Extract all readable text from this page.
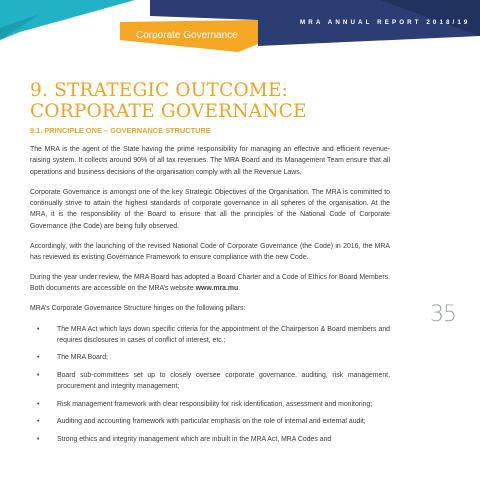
MRA ANNUAL REPORT 2018/19
Corporate Governance
9. STRATEGIC OUTCOME:
CORPORATE GOVERNANCE
9.1. PRINCIPLE ONE – GOVERNANCE STRUCTURE

The MRA is the agent of the State having the prime responsibility for managing an effective and efficient revenue-raising system. It collects around 90% of all tax revenues. The MRA Board and its Management Team ensure that all operations and business decisions of the organisation comply with all the Revenue Laws.

Corporate Governance is amongst one of the key Strategic Objectives of the Organisation. The MRA is committed to continually strive to attain the highest standards of corporate governance in all spheres of the organisation. At the MRA, it is the responsibility of the Board to ensure that all the principles of the National Code of Corporate Governance (the Code) are being fully observed.

Accordingly, with the launching of the revised National Code of Corporate Governance (the Code) in 2016, the MRA has reviewed its existing Governance Framework to ensure compliance with the new Code.

During the year under review, the MRA Board has adopted a Board Charter and a Code of Ethics for Board Members. Both documents are accessible on the MRA’s website www.mra.mu.

MRA’s Corporate Governance Structure hinges on the following pillars:

•	The MRA Act which lays down specific criteria for the appointment of the Chairperson & Board members and requires disclosures in cases of conflict of interest, etc.;
•	The MRA Board;
•	Board sub-committees set up to closely oversee corporate governance, auditing, risk management, procurement and integrity management;
•	Risk management framework with clear responsibility for risk identification, assessment and monitoring;
•	Auditing and accounting framework with particular emphasis on the role of internal and external audit;
•	Strong ethics and integrity management which are inbuilt in the MRA Act, MRA Codes and
35
